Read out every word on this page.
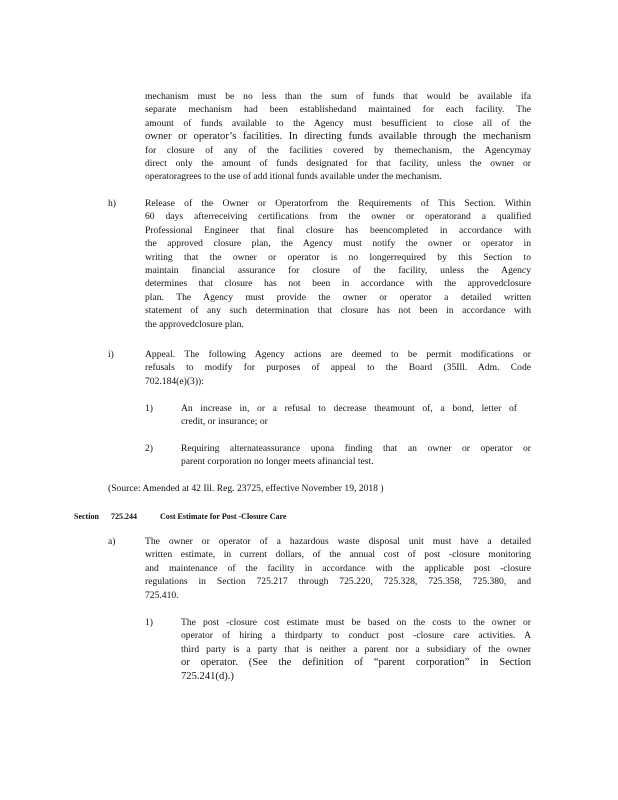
mechanism must be no less than the sum of funds that would be available ifa
separate mechanism had been establishedand maintained for each facility. The
amount of funds available to the Agency must besufficient to close all of the
owner or operator’s facilities. In directing funds available through the mechanism
for closure of any of the facilities covered by themechanism, the Agencymay
direct only the amount of funds designated for that facility, unless the owner or
operatoragrees to the use of add itional funds available under the mechanism.
h)	Release of the Owner or Operatorfrom the Requirements of This Section. Within
60 days afterreceiving certifications from the owner or operatorand a qualified
Professional Engineer that final closure has beencompleted in accordance with
the approved closure plan, the Agency must notify the owner or operator in
writing that the owner or operator is no longerrequired by this Section to
maintain financial assurance for closure of the facility, unless the Agency
determines that closure has not been in accordance with the approvedclosure
plan. The Agency must provide the owner or operator a detailed written
statement of any such determination that closure has not been in accordance with
the approvedclosure plan.
i)	Appeal. The following Agency actions are deemed to be permit modifications or
refusals to modify for purposes of appeal to the Board (35Ill. Adm. Code
702.184(e)(3)):
1)	An increase in, or a refusal to decrease theamount of, a bond, letter of
credit, or insurance; or
2)	Requiring alternateassurance upona finding that an owner or operator or
parent corporation no longer meets afinancial test.
(Source: Amended at 42 Ill. Reg. 23725, effective November 19, 2018 )
Section 725.244	Cost Estimate for Post -Closure Care
a)	The owner or operator of a hazardous waste disposal unit must have a detailed
written estimate, in current dollars, of the annual cost of post -closure monitoring
and maintenance of the facility in accordance with the applicable post -closure
regulations in Section 725.217 through 725.220, 725.328, 725.358, 725.380, and
725.410.
1)	The post -closure cost estimate must be based on the costs to the owner or
operator of hiring a thirdparty to conduct post -closure care activities. A
third party is a party that is neither a parent nor a subsidiary of the owner
or operator. (See the definition of “parent corporation” in Section
725.241(d).)
